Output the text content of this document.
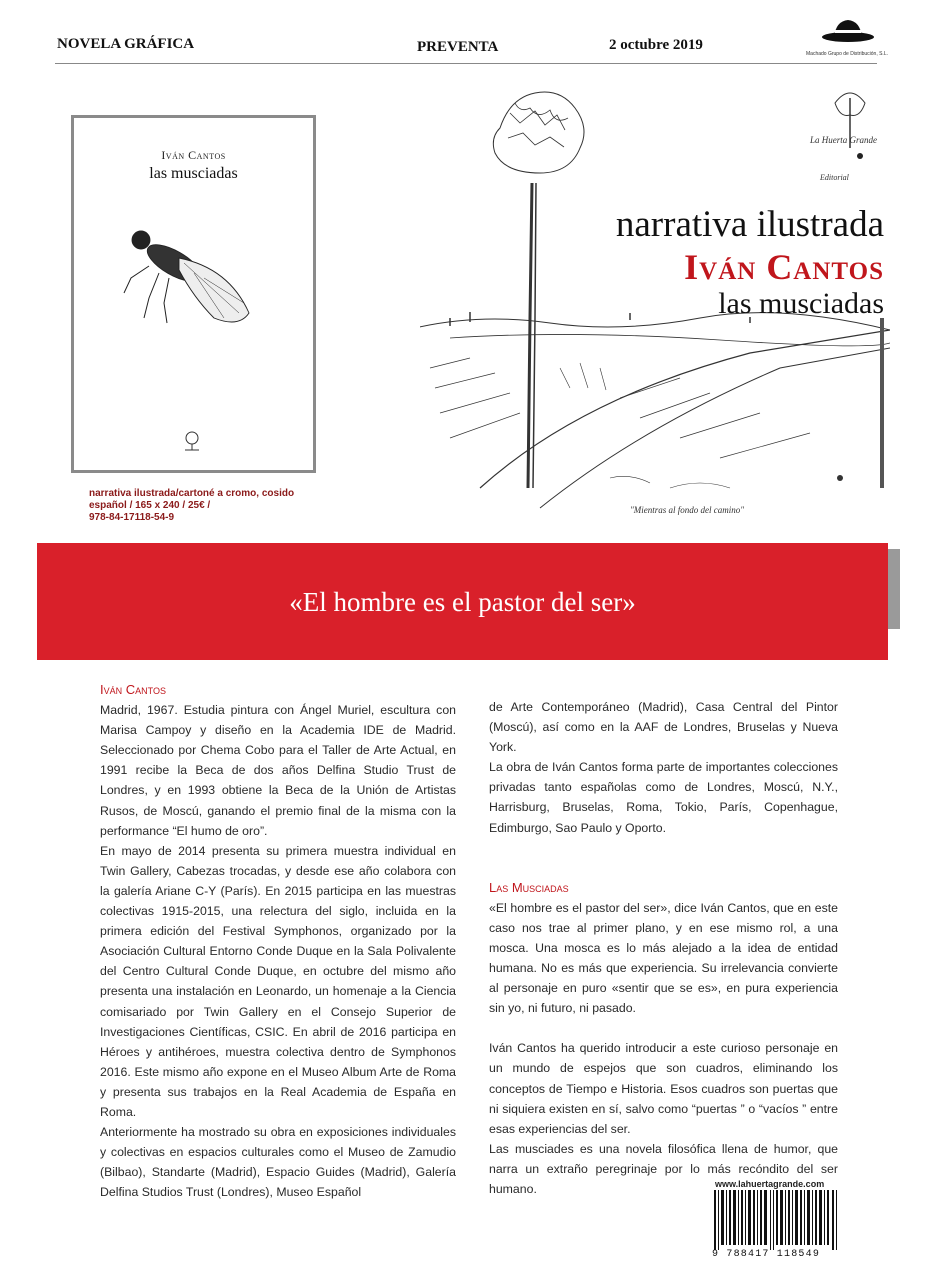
NOVELA GRÁFICA	PREVENTA	2 octubre 2019
Machado Grupo de Distribución, S.L.
La Huerta Grande
Editorial
"Mientras al fondo del camino"
narrativa ilustrada
Iván Cantos
las musciadas
Iván Cantos
las musciadas
narrativa ilustrada/cartoné a cromo, cosido
español / 165 x 240 / 25€ /
978-84-17118-54-9
«El hombre es el pastor del ser»

Iván Cantos

Madrid, 1967. Estudia pintura con Ángel Muriel, escultura con Marisa Campoy y diseño en la Academia IDE de Madrid. Seleccionado por Chema Cobo para el Taller de Arte Actual, en 1991 recibe la Beca de dos años Delfina Studio Trust de Londres, y en 1993 obtiene la Beca de la Unión de Artistas Rusos, de Moscú, ganando el premio final de la misma con la performance “El humo de oro”.

En mayo de 2014 presenta su primera muestra individual en Twin Gallery, Cabezas trocadas, y desde ese año colabora con la galería Ariane C-Y (París). En 2015 participa en las muestras colectivas 1915-2015, una relectura del siglo, incluida en la primera edición del Festival Symphonos, organizado por la Asociación Cultural Entorno Conde Duque en la Sala Polivalente del Centro Cultural Conde Duque, en octubre del mismo año presenta una instalación en Leonardo, un homenaje a la Ciencia comisariado por Twin Gallery en el Consejo Superior de Investigaciones Científicas, CSIC. En abril de 2016 participa en Héroes y antihéroes, muestra colectiva dentro de Symphonos 2016. Este mismo año expone en el Museo Album Arte de Roma y presenta sus trabajos en la Real Academia de España en Roma.

Anteriormente ha mostrado su obra en exposiciones individuales y colectivas en espacios culturales como el Museo de Zamudio (Bilbao), Standarte (Madrid), Espacio Guides (Madrid), Galería Delfina Studios Trust (Londres), Museo Español

de Arte Contemporáneo (Madrid), Casa Central del Pintor (Moscú), así como en la AAF de Londres, Bruselas y Nueva York.

La obra de Iván Cantos forma parte de importantes colecciones privadas tanto españolas como de Londres, Moscú, N.Y., Harrisburg, Bruselas, Roma, Tokio, París, Copenhague, Edimburgo, Sao Paulo y Oporto.

Las Musciadas

«El hombre es el pastor del ser», dice Iván Cantos, que en este caso nos trae al primer plano, y en ese mismo rol, a una mosca. Una mosca es lo más alejado a la idea de entidad humana. No es más que experiencia. Su irrelevancia convierte al personaje en puro «sentir que se es», en pura experiencia sin yo, ni futuro, ni pasado.

Iván Cantos ha querido introducir a este curioso personaje en un mundo de espejos que son cuadros, eliminando los conceptos de Tiempo e Historia. Esos cuadros son puertas que ni siquiera existen en sí, salvo como “puertas ” o “vacíos ” entre esas experiencias del ser.

Las musciades es una novela filosófica llena de humor, que narra un extraño peregrinaje por lo más recóndito del ser humano.	www.lahuertagrande.com
9 788417 118549
